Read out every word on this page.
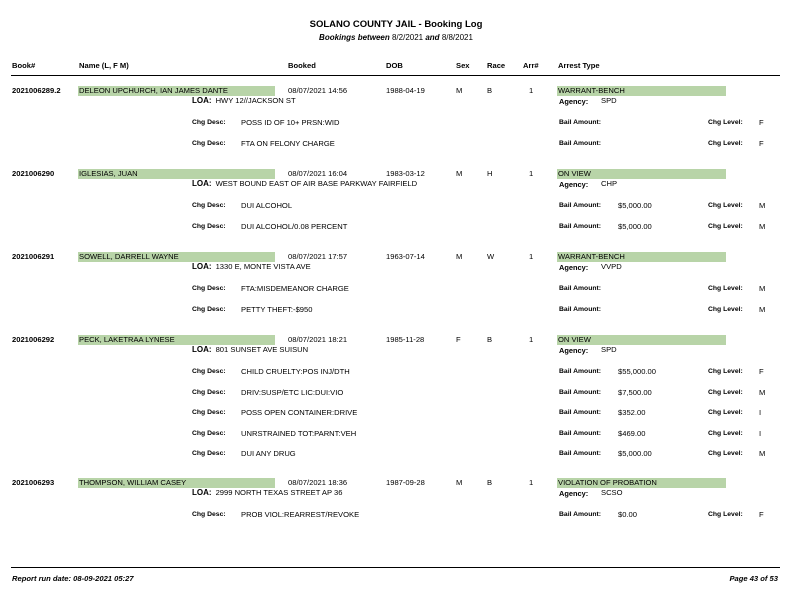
SOLANO COUNTY JAIL - Booking Log
Bookings between 8/2/2021 and 8/8/2021
Book#	Name (L, F M)	Booked	DOB	Sex Race Arr#	Arrest Type
2021006289.2 DELEON UPCHURCH, IAN JAMES DANTE	08/07/2021 14:56	1988-04-19	M	B	1	WARRANT-BENCH
LOA: HWY 12//JACKSON ST	Agency: SPD
Chg Desc: POSS ID OF 10+ PRSN:WID	Bail Amount:	Chg Level: F
Chg Desc: FTA ON FELONY CHARGE	Bail Amount:	Chg Level: F
2021006290	IGLESIAS, JUAN	08/07/2021 16:04	1983-03-12	M	H	1	ON VIEW
LOA: WEST BOUND EAST OF AIR BASE PARKWAY FAIRFIELD	Agency: CHP
Chg Desc: DUI ALCOHOL	Bail Amount: $5,000.00	Chg Level: M
Chg Desc: DUI ALCOHOL/0.08 PERCENT	Bail Amount: $5,000.00	Chg Level: M
2021006291	SOWELL, DARRELL WAYNE	08/07/2021 17:57	1963-07-14	M	W	1	WARRANT-BENCH
LOA: 1330 E, MONTE VISTA AVE	Agency: VVPD
Chg Desc: FTA:MISDEMEANOR CHARGE	Bail Amount:	Chg Level: M
Chg Desc: PETTY THEFT:-$950	Bail Amount:	Chg Level: M
2021006292	PECK, LAKETRAA LYNESE	08/07/2021 18:21	1985-11-28	F	B	1	ON VIEW
LOA: 801 SUNSET AVE SUISUN	Agency: SPD
Chg Desc: CHILD CRUELTY:POS INJ/DTH	Bail Amount: $55,000.00	Chg Level: F
Chg Desc: DRIV:SUSP/ETC LIC:DUI:VIO	Bail Amount: $7,500.00	Chg Level: M
Chg Desc: POSS OPEN CONTAINER:DRIVE	Bail Amount: $352.00	Chg Level: I
Chg Desc: UNRSTRAINED TOT:PARNT:VEH	Bail Amount: $469.00	Chg Level: I
Chg Desc: DUI ANY DRUG	Bail Amount: $5,000.00	Chg Level: M
2021006293	THOMPSON, WILLIAM CASEY	08/07/2021 18:36	1987-09-28	M	B	1	VIOLATION OF PROBATION
LOA: 2999 NORTH TEXAS STREET AP 36	Agency: SCSO
Chg Desc: PROB VIOL:REARREST/REVOKE	Bail Amount: $0.00	Chg Level: F
Report run date: 08-09-2021 05:27	Page 43 of 53
